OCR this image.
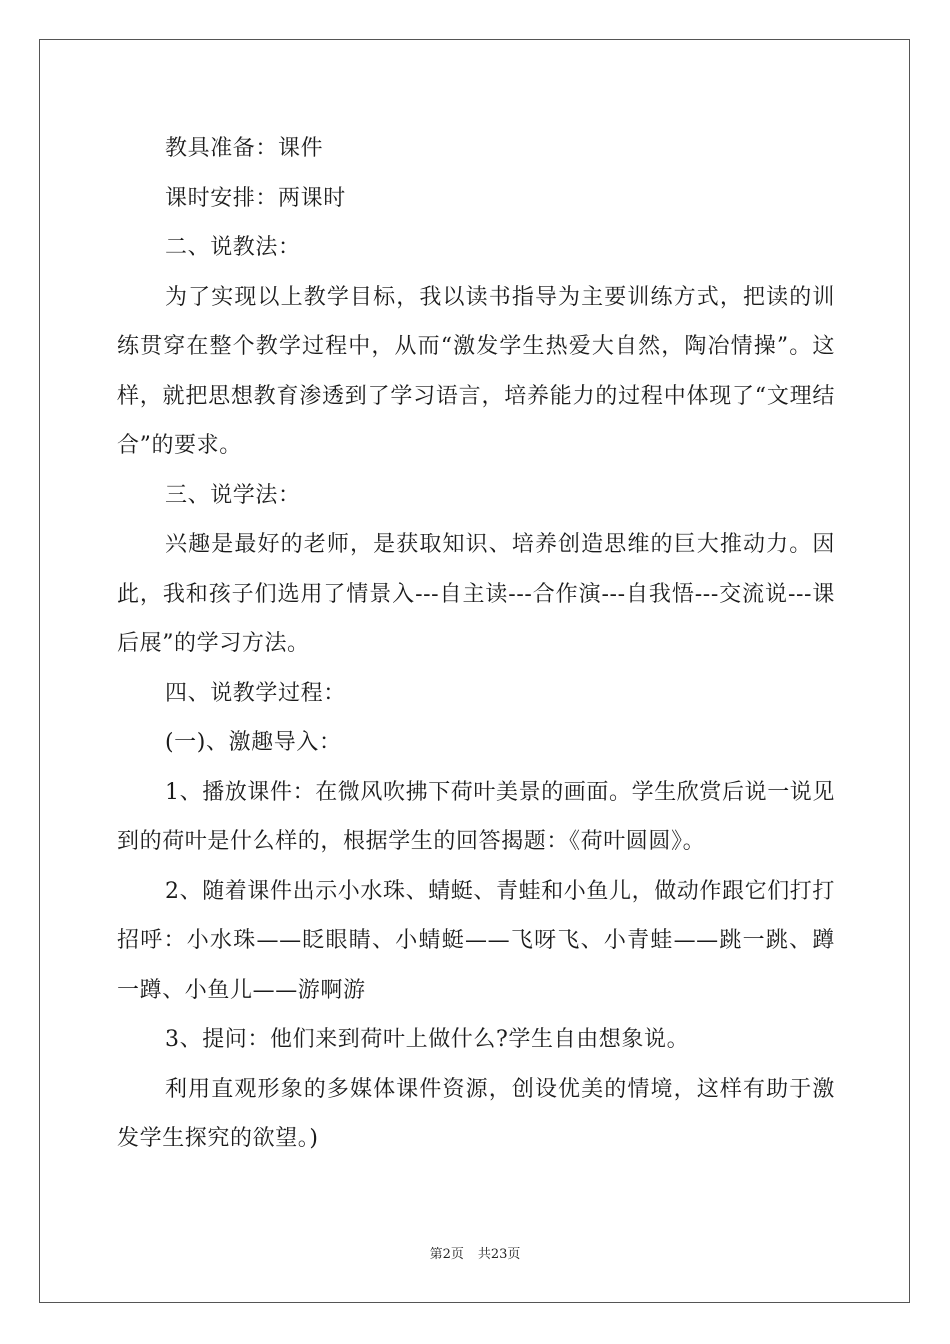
教具准备：课件

课时安排：两课时

二、说教法：

为了实现以上教学目标，我以读书指导为主要训练方式，把读的训练贯穿在整个教学过程中，从而“激发学生热爱大自然，陶冶情操”。这样，就把思想教育渗透到了学习语言，培养能力的过程中体现了“文理结合”的要求。

三、说学法：

兴趣是最好的老师，是获取知识、培养创造思维的巨大推动力。因此，我和孩子们选用了情景入---自主读---合作演---自我悟---交流说---课后展”的学习方法。

四、说教学过程：

(一)、激趣导入：

1、播放课件：在微风吹拂下荷叶美景的画面。学生欣赏后说一说见到的荷叶是什么样的，根据学生的回答揭题：《荷叶圆圆》。

2、随着课件出示小水珠、蜻蜓、青蛙和小鱼儿，做动作跟它们打打招呼：小水珠——眨眼睛、小蜻蜓——飞呀飞、小青蛙——跳一跳、蹲一蹲、小鱼儿——游啊游

3、提问：他们来到荷叶上做什么?学生自由想象说。

利用直观形象的多媒体课件资源，创设优美的情境，这样有助于激发学生探究的欲望。)

第2页 共23页
